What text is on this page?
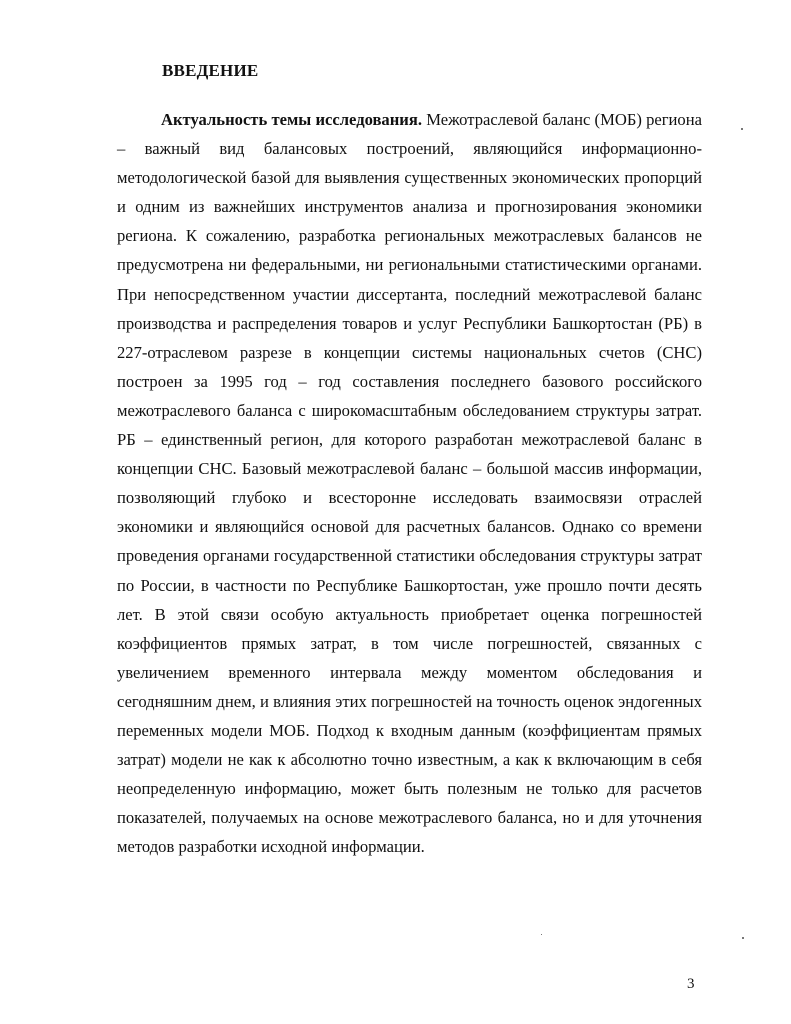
ВВЕДЕНИЕ

Актуальность темы исследования. Межотраслевой баланс (МОБ) региона – важный вид балансовых построений, являющийся информационно-методологической базой для выявления существенных экономических пропорций и одним из важнейших инструментов анализа и прогнозирования экономики региона. К сожалению, разработка региональных межотраслевых балансов не предусмотрена ни федеральными, ни региональными статистическими органами. При непосредственном участии диссертанта, последний межотраслевой баланс производства и распределения товаров и услуг Республики Башкортостан (РБ) в 227-отраслевом разрезе в концепции системы национальных счетов (СНС) построен за 1995 год – год составления последнего базового российского межотраслевого баланса с широкомасштабным обследованием структуры затрат. РБ – единственный регион, для которого разработан межотраслевой баланс в концепции СНС. Базовый межотраслевой баланс – большой массив информации, позволяющий глубоко и всесторонне исследовать взаимосвязи отраслей экономики и являющийся основой для расчетных балансов. Однако со времени проведения органами государственной статистики обследования структуры затрат по России, в частности по Республике Башкортостан, уже прошло почти десять лет. В этой связи особую актуальность приобретает оценка погрешностей коэффициентов прямых затрат, в том числе погрешностей, связанных с увеличением временного интервала между моментом обследования и сегодняшним днем, и влияния этих погрешностей на точность оценок эндогенных переменных модели МОБ. Подход к входным данным (коэффициентам прямых затрат) модели не как к абсолютно точно известным, а как к включающим в себя неопределенную информацию, может быть полезным не только для расчетов показателей, получаемых на основе межотраслевого баланса, но и для уточнения методов разработки исходной информации.

3
